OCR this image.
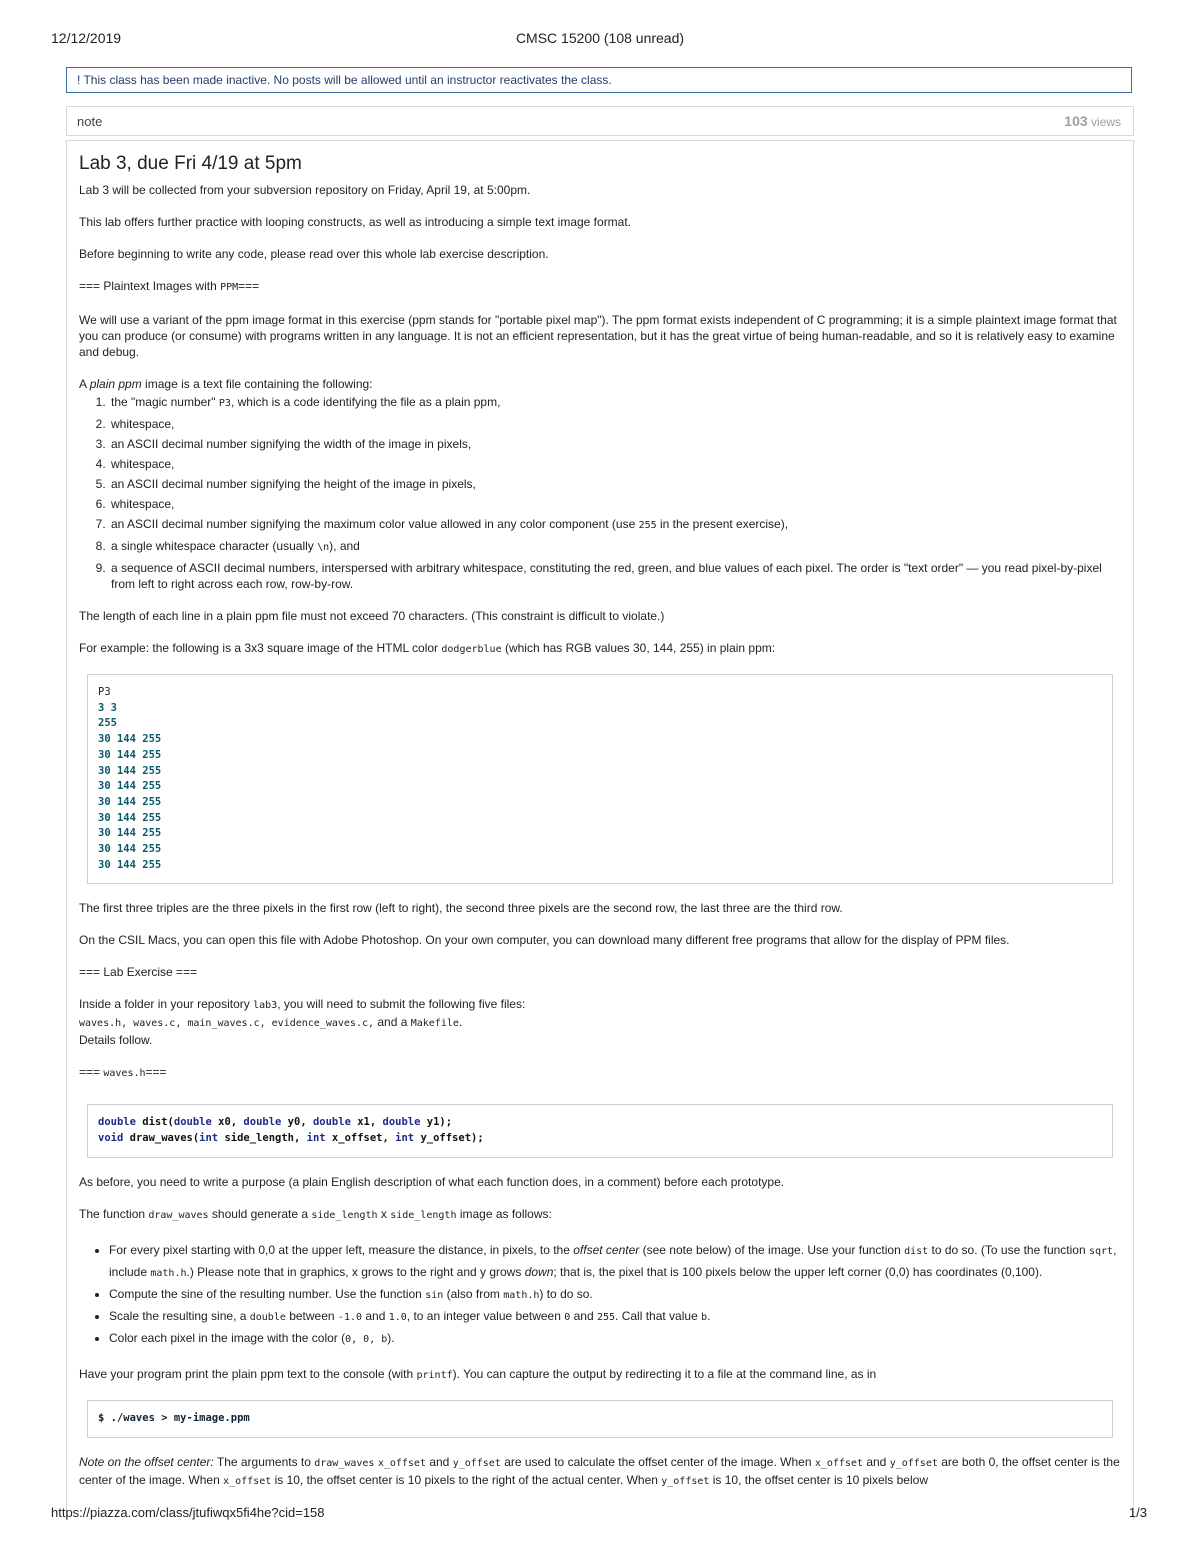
12/12/2019	CMSC 15200 (108 unread)
! This class has been made inactive. No posts will be allowed until an instructor reactivates the class.
note	103 views
Lab 3, due Fri 4/19 at 5pm

Lab 3 will be collected from your subversion repository on Friday, April 19, at 5:00pm.

This lab offers further practice with looping constructs, as well as introducing a simple text image format.

Before beginning to write any code, please read over this whole lab exercise description.

=== Plaintext Images with PPM===

We will use a variant of the ppm image format in this exercise (ppm stands for "portable pixel map"). The ppm format exists independent of C programming; it is a simple plaintext image format that you can produce (or consume) with programs written in any language. It is not an efficient representation, but it has the great virtue of being human-readable, and so it is relatively easy to examine and debug.

A plain ppm image is a text file containing the following:

1. the "magic number" P3, which is a code identifying the file as a plain ppm,
2. whitespace,
3. an ASCII decimal number signifying the width of the image in pixels,
4. whitespace,
5. an ASCII decimal number signifying the height of the image in pixels,
6. whitespace,
7. an ASCII decimal number signifying the maximum color value allowed in any color component (use 255 in the present exercise),
8. a single whitespace character (usually \n), and
9. a sequence of ASCII decimal numbers, interspersed with arbitrary whitespace, constituting the red, green, and blue values of each pixel. The order is "text order" — you read pixel-by-pixel from left to right across each row, row-by-row.

The length of each line in a plain ppm file must not exceed 70 characters. (This constraint is difficult to violate.)

For example: the following is a 3x3 square image of the HTML color dodgerblue (which has RGB values 30, 144, 255) in plain ppm:

P3
3 3
255
30 144 255
30 144 255
30 144 255
30 144 255
30 144 255
30 144 255
30 144 255
30 144 255
30 144 255

The first three triples are the three pixels in the first row (left to right), the second three pixels are the second row, the last three are the third row.

On the CSIL Macs, you can open this file with Adobe Photoshop. On your own computer, you can download many different free programs that allow for the display of PPM files.

=== Lab Exercise ===

Inside a folder in your repository lab3, you will need to submit the following five files:
waves.h, waves.c, main_waves.c, evidence_waves.c, and a Makefile.
Details follow.

=== waves.h===

double dist(double x0, double y0, double x1, double y1);
void draw_waves(int side_length, int x_offset, int y_offset);

As before, you need to write a purpose (a plain English description of what each function does, in a comment) before each prototype.

The function draw_waves should generate a side_length x side_length image as follows:

• For every pixel starting with 0,0 at the upper left, measure the distance, in pixels, to the offset center (see note below) of the image. Use your function dist to do so. (To use the function sqrt, include math.h.) Please note that in graphics, x grows to the right and y grows down; that is, the pixel that is 100 pixels below the upper left corner (0,0) has coordinates (0,100).
• Compute the sine of the resulting number. Use the function sin (also from math.h) to do so.
• Scale the resulting sine, a double between -1.0 and 1.0, to an integer value between 0 and 255. Call that value b.
• Color each pixel in the image with the color (0, 0, b).

Have your program print the plain ppm text to the console (with printf). You can capture the output by redirecting it to a file at the command line, as in

$ ./waves > my-image.ppm

Note on the offset center: The arguments to draw_waves x_offset and y_offset are used to calculate the offset center of the image. When x_offset and y_offset are both 0, the offset center is the center of the image. When x_offset is 10, the offset center is 10 pixels to the right of the actual center. When y_offset is 10, the offset center is 10 pixels below

https://piazza.com/class/jtufiwqx5fi4he?cid=158	1/3
